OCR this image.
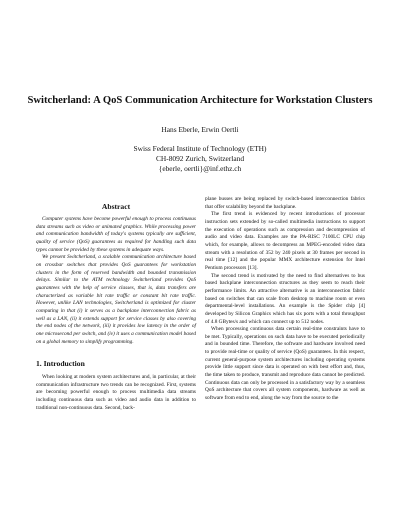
Switcherland: A QoS Communication Architecture for Workstation Clusters
Hans Eberle, Erwin Oertli
Swiss Federal Institute of Technology (ETH)
CH-8092 Zurich, Switzerland
{eberle, oertli}@inf.ethz.ch
Abstract

Computer systems have become powerful enough to process continuous data streams such as video or animated graphics. While processing power and communication bandwidth of today's systems typically are sufficient, quality of service (QoS) guarantees as required for handling such data types cannot be provided by these systems in adequate ways.

We present Switcherland, a scalable communication architecture based on crossbar switches that provides QoS guarantees for workstation clusters in the form of reserved bandwidth and bounded transmission delays. Similar to the ATM technology Switcherland provides QoS guarantees with the help of service classes, that is, data transfers are characterized as variable bit rate traffic or constant bit rate traffic. However, unlike LAN technologies, Switcherland is optimized for cluster computing in that (i) it serves as a backplane interconnection fabric as well as a LAN, (ii) it extends support for service classes by also covering the end nodes of the network, (iii) it provides low latency in the order of one microsecond per switch, and (iv) it uses a communication model based on a global memory to simplify programming.

1. Introduction

When looking at modern system architectures and, in particular, at their communication infrastructure two trends can be recognized. First, systems are becoming powerful enough to process multimedia data streams including continuous data such as video and audio data in addition to traditional non-continuous data. Second, back-

plane busses are being replaced by switch-based interconnection fabrics that offer scalability beyond the backplane.

The first trend is evidenced by recent introductions of processor instruction sets extended by so-called multimedia instructions to support the execution of operations such as compression and decompression of audio and video data. Examples are the PA-RISC 7100LC CPU chip which, for example, allows to decompress an MPEG-encoded video data stream with a resolution of 352 by 240 pixels at 30 frames per second in real time [12] and the popular MMX architecture extension for Intel Pentium processors [13].

The second trend is motivated by the need to find alternatives to bus based backplane interconnection structures as they seem to reach their performance limits. An attractive alternative is an interconnection fabric based on switches that can scale from desktop to machine room or even departmental-level installations. An example is the Spider chip [4] developed by Silicon Graphics which has six ports with a total throughput of 4.8 GBytes/s and which can connect up to 512 nodes.

When processing continuous data certain real-time constraints have to be met. Typically, operations on such data have to be executed periodically and in bounded time. Therefore, the software and hardware involved need to provide real-time or quality of service (QoS) guarantees. In this respect, current general-purpose system architectures including operating systems provide little support since data is operated on with best effort and, thus, the time taken to produce, transmit and reproduce data cannot be predicted. Continuous data can only be processed in a satisfactory way by a seamless QoS architecture that covers all system components, hardware as well as software from end to end, along the way from the source to the
